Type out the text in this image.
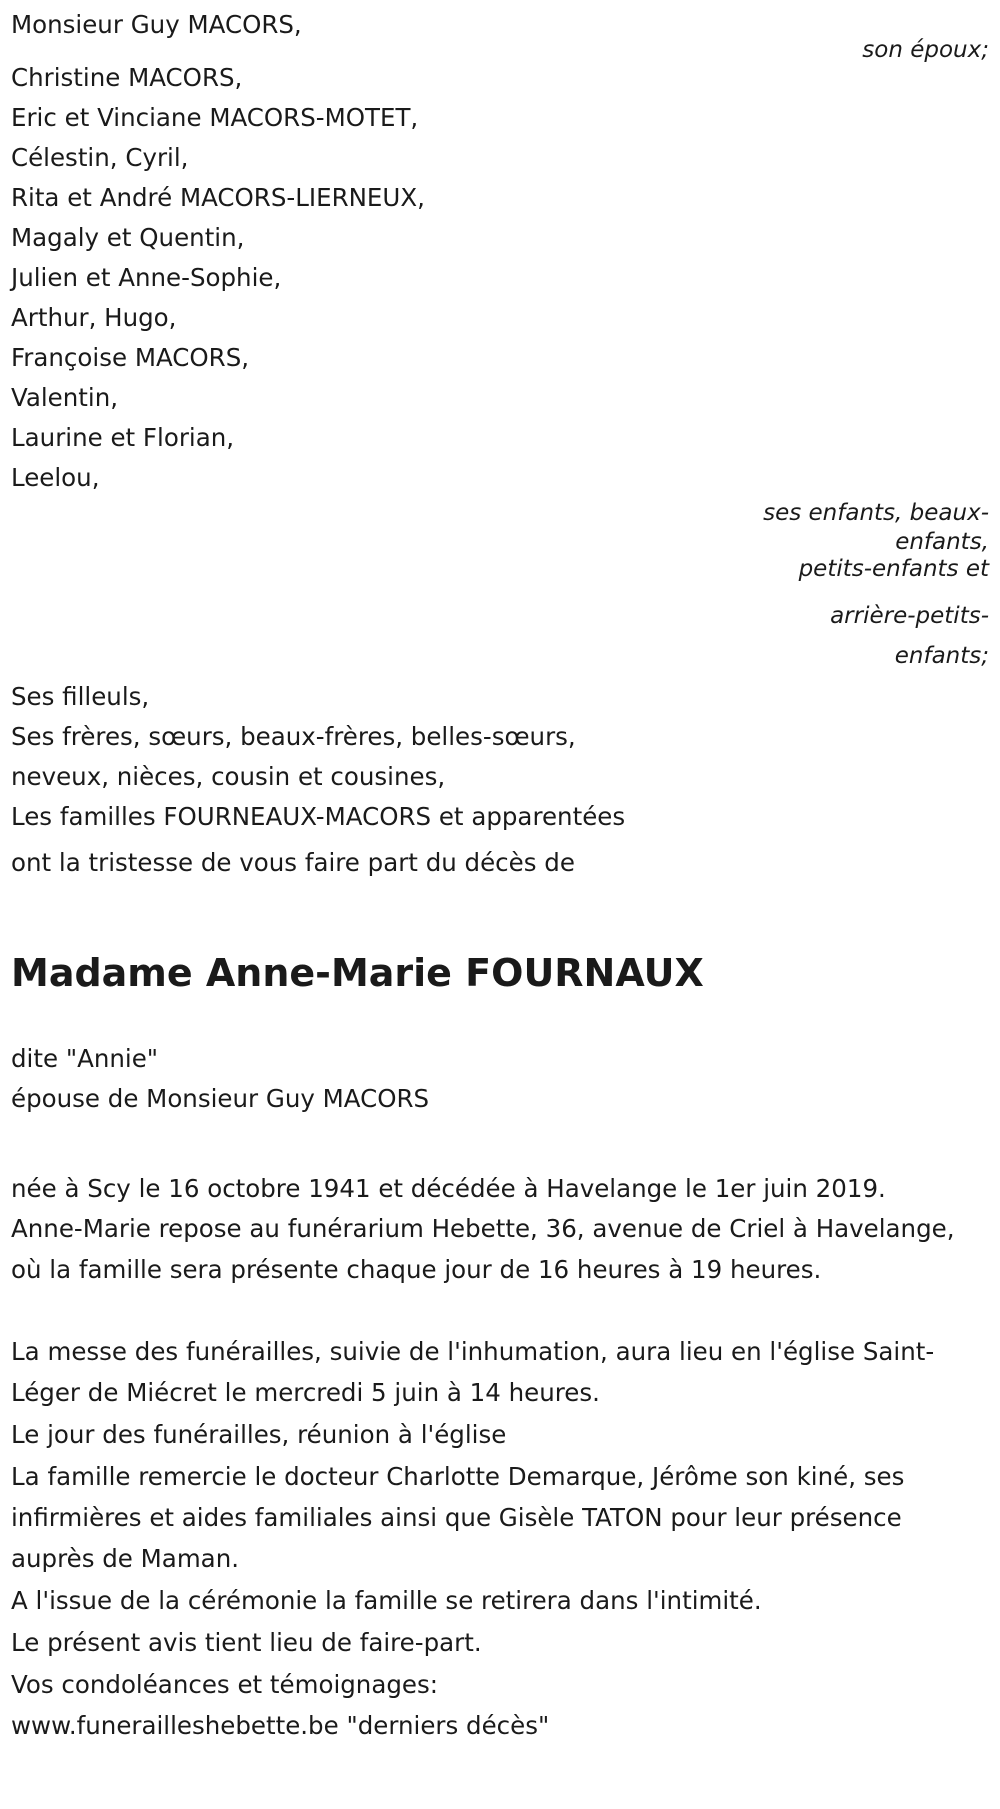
Monsieur Guy MACORS,
son époux;
Christine MACORS,
Eric et Vinciane MACORS-MOTET,
Célestin, Cyril,
Rita et André MACORS-LIERNEUX,
Magaly et Quentin,
Julien et Anne-Sophie,
Arthur, Hugo,
Françoise MACORS,
Valentin,
Laurine et Florian,
Leelou,
ses enfants, beaux-
enfants,
petits-enfants et
arrière-petits-
enfants;
Ses filleuls,
Ses frères, sœurs, beaux-frères, belles-sœurs,
neveux, nièces, cousin et cousines,
Les familles FOURNEAUX-MACORS et apparentées
ont la tristesse de vous faire part du décès de
Madame Anne-Marie FOURNAUX
dite "Annie"
épouse de Monsieur Guy MACORS
née à Scy le 16 octobre 1941 et décédée à Havelange le 1er juin 2019.
Anne-Marie repose au funérarium Hebette, 36, avenue de Criel à Havelange, où la famille sera présente chaque jour de 16 heures à 19 heures.
La messe des funérailles, suivie de l'inhumation, aura lieu en l'église Saint-Léger de Miécret le mercredi 5 juin à 14 heures.
Le jour des funérailles, réunion à l'église
La famille remercie le docteur Charlotte Demarque, Jérôme son kiné, ses infirmières et aides familiales ainsi que Gisèle TATON pour leur présence auprès de Maman.
A l'issue de la cérémonie la famille se retirera dans l'intimité.
Le présent avis tient lieu de faire-part.
Vos condoléances et témoignages:
www.funerailleshebette.be "derniers décès"
